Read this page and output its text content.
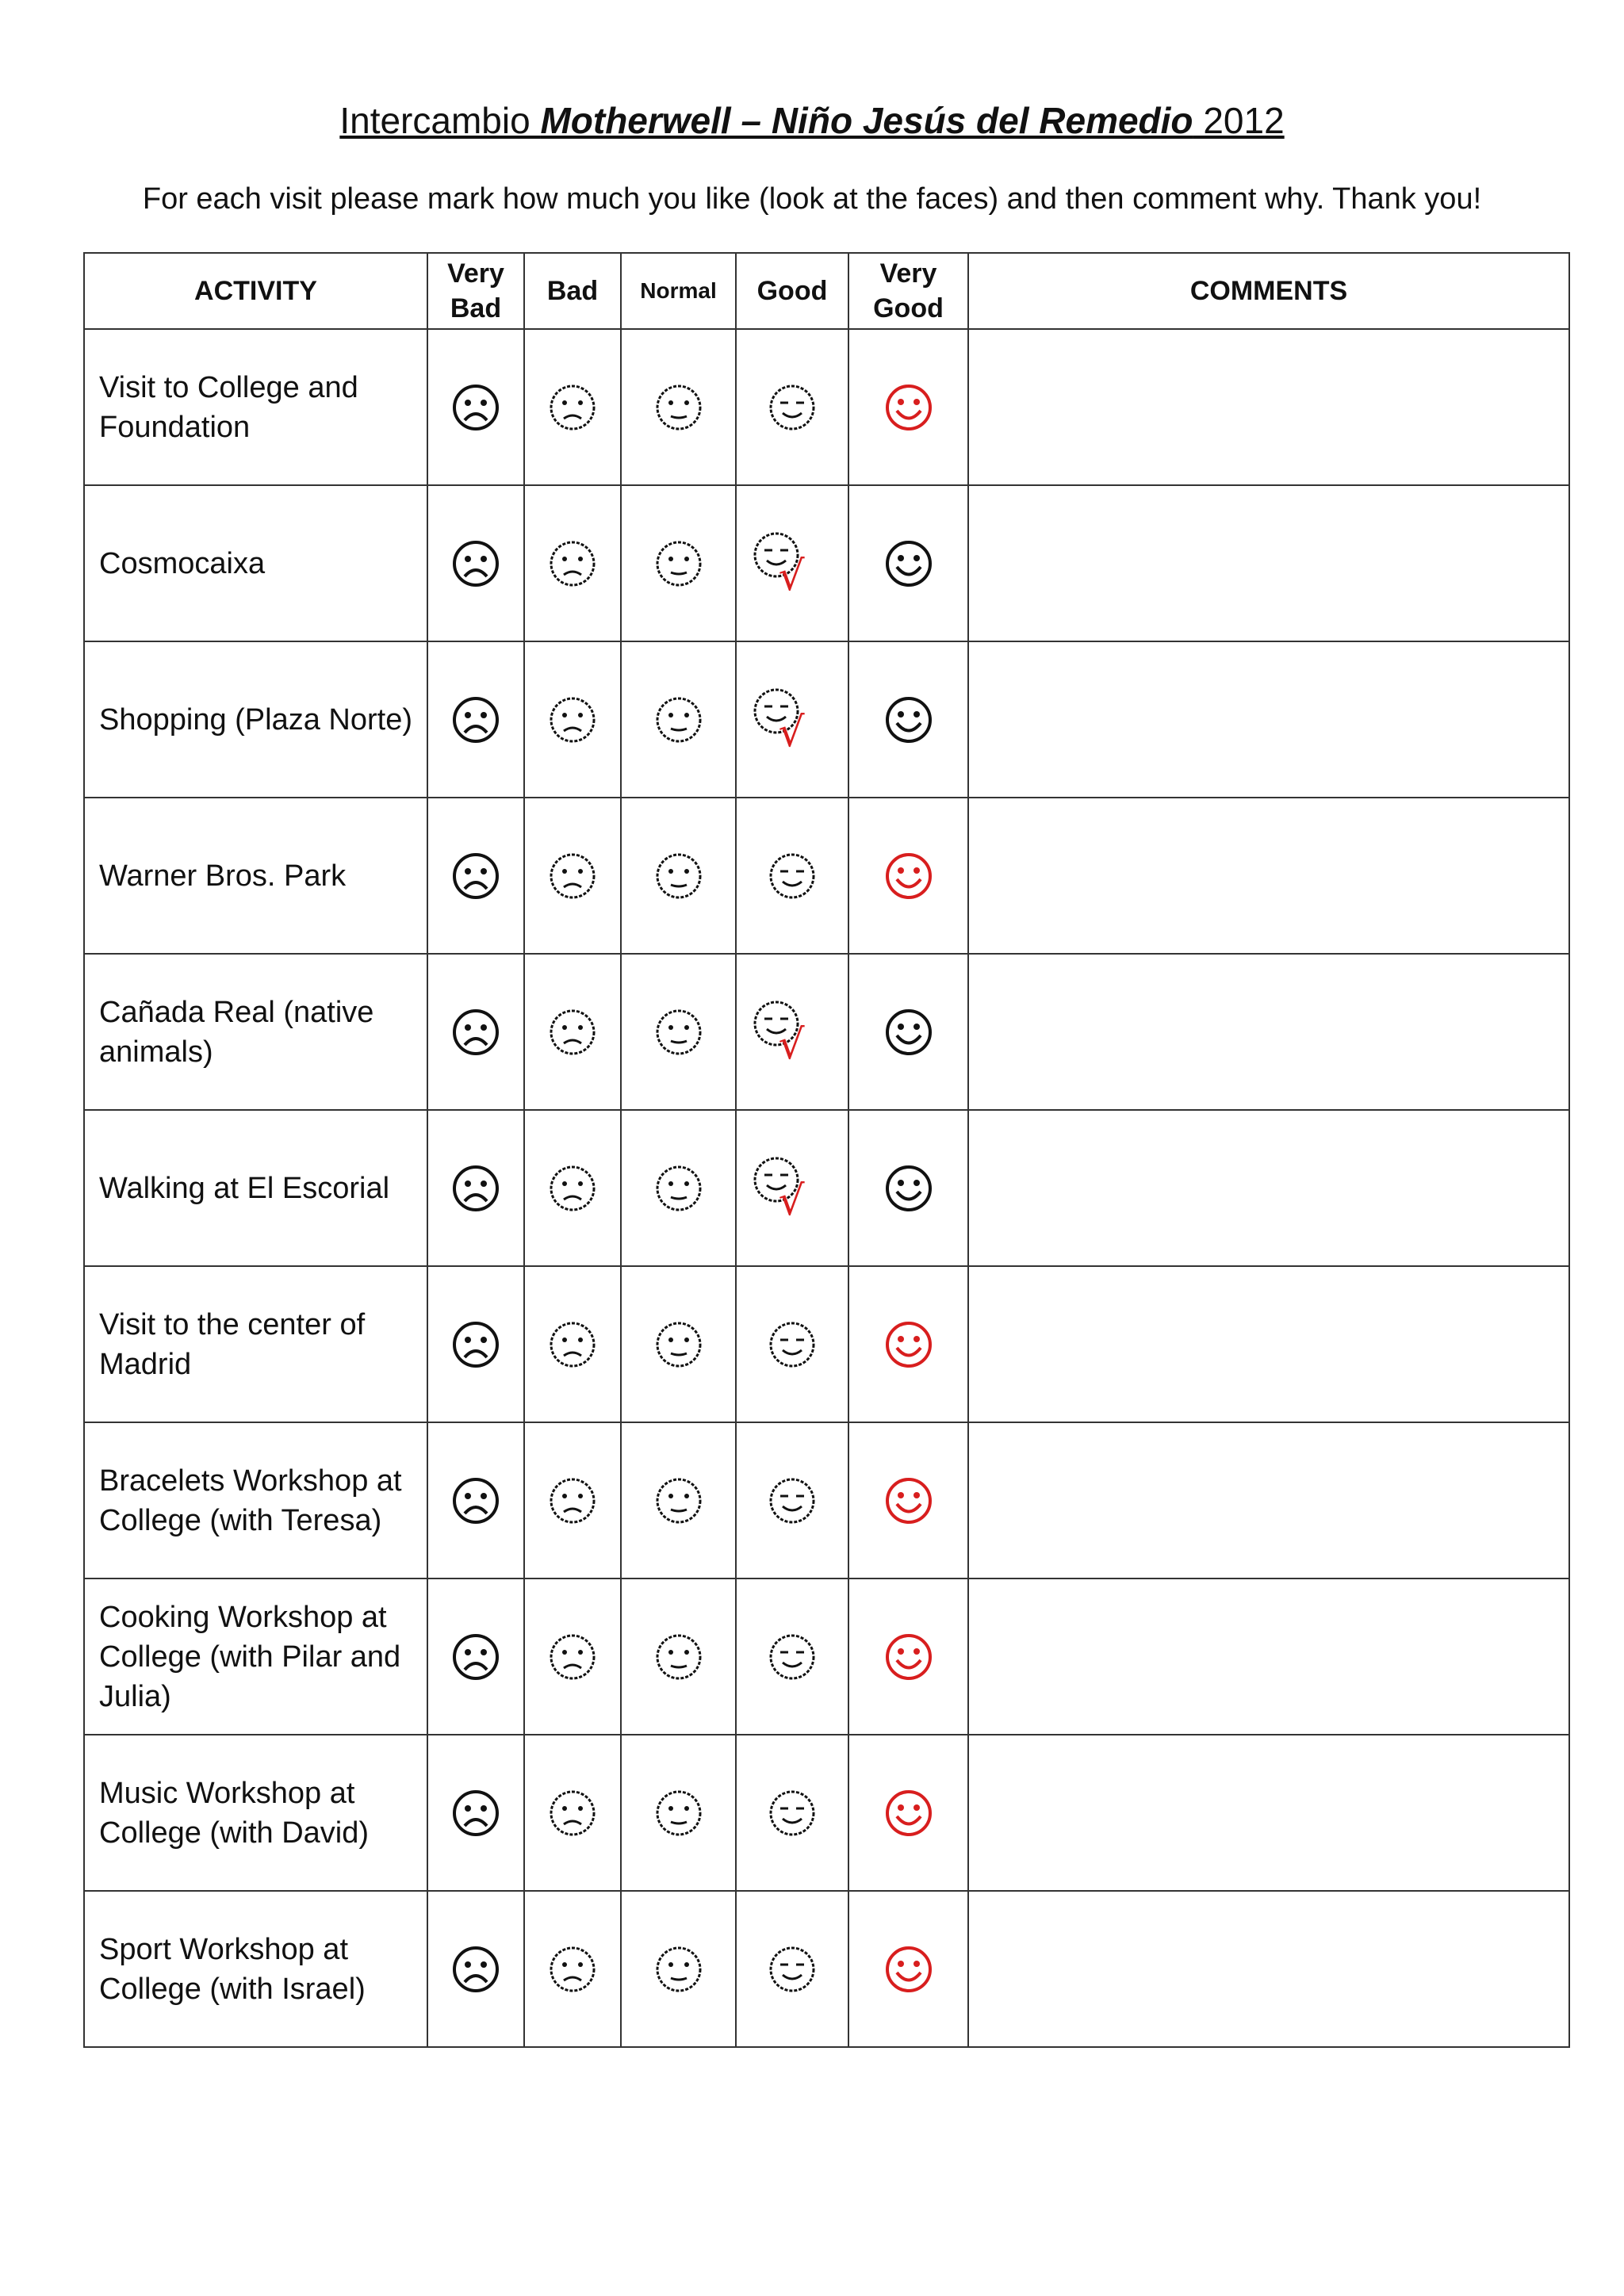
Intercambio Motherwell – Niño Jesús del Remedio 2012
For each visit please mark how much you like (look at the faces) and then comment why. Thank you!
ACTIVITY	Very Bad	Bad	Normal	Good	Very Good	COMMENTS
Visit to College and Foundation	

Cosmocaixa				√

Shopping (Plaza Norte)				√

Warner Bros. Park	

Cañada Real (native animals)				√

Walking at El Escorial				√

Visit to the center of Madrid	

Bracelets Workshop at College (with Teresa)	

Cooking Workshop at College (with Pilar and Julia)	

Music Workshop at College (with David)	

Sport Workshop at College (with Israel)	
